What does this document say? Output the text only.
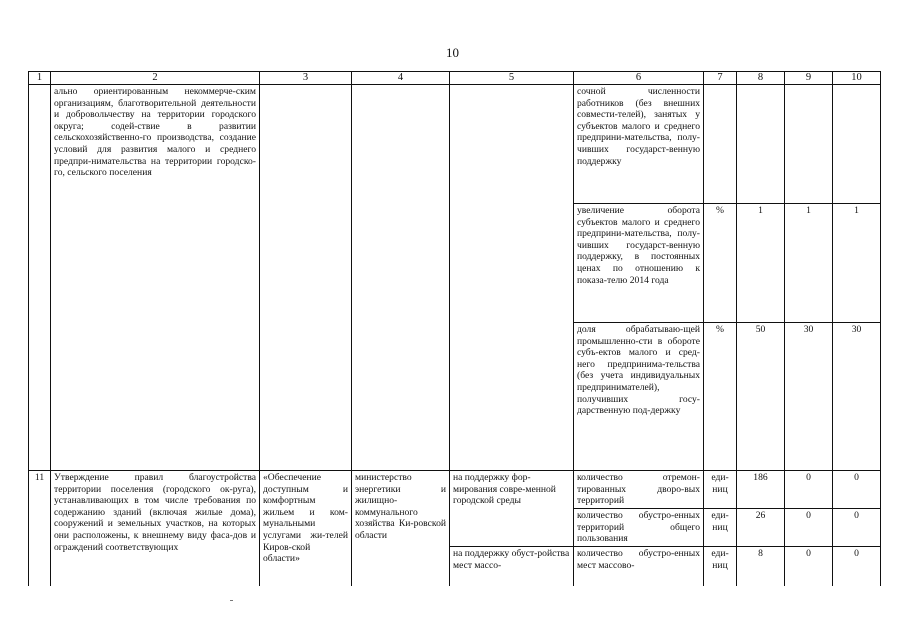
10
1	2	3	4	5	6	7	8	9	10
	ально ориентированным некоммерче-ским организациям, благотворительной деятельности и добровольчеству на территории городского округа; содей-ствие в развитии сельскохозяйственно-го производства, создание условий для развития малого и среднего предпри-нимательства на территории городско-го, сельского поселения				сочной численности работников (без внешних совмести-телей), занятых у субъектов малого и среднего предприни-мательства, полу-чивших государст-венную поддержку				
					увеличение оборота субъектов малого и среднего предприни-мательства, полу-чивших государст-венную поддержку, в постоянных ценах по отношению к показа-телю 2014 года	%	1	1	1
					доля обрабатываю-щей промышленно-сти в обороте субъ-ектов малого и сред-него предпринима-тельства (без учета индивидуальных предпринимателей), получивших госу-дарственную под-держку	%	50	30	30
11	Утверждение правил благоустройства территории поселения (городского ок-руга), устанавливающих в том числе требования по содержанию зданий (включая жилые дома), сооружений и земельных участков, на которых они расположены, к внешнему виду фаса-дов и ограждений соответствующих	«Обеспечение доступным и комфортным жильем и ком-мунальными услугами жи-телей Киров-ской области»	министерство энергетики и жилищно-коммунального хозяйства Ки-ровской области	на поддержку фор-мирования совре-менной городской среды	количество отремон-тированных дворо-вых территорий	еди-ниц	186	0	0
					количество обустро-енных территорий общего пользования	еди-ниц	26	0	0
				на поддержку обуст-ройства мест массо-	количество обустро-енных мест массово-	еди-ниц	8	0	0
